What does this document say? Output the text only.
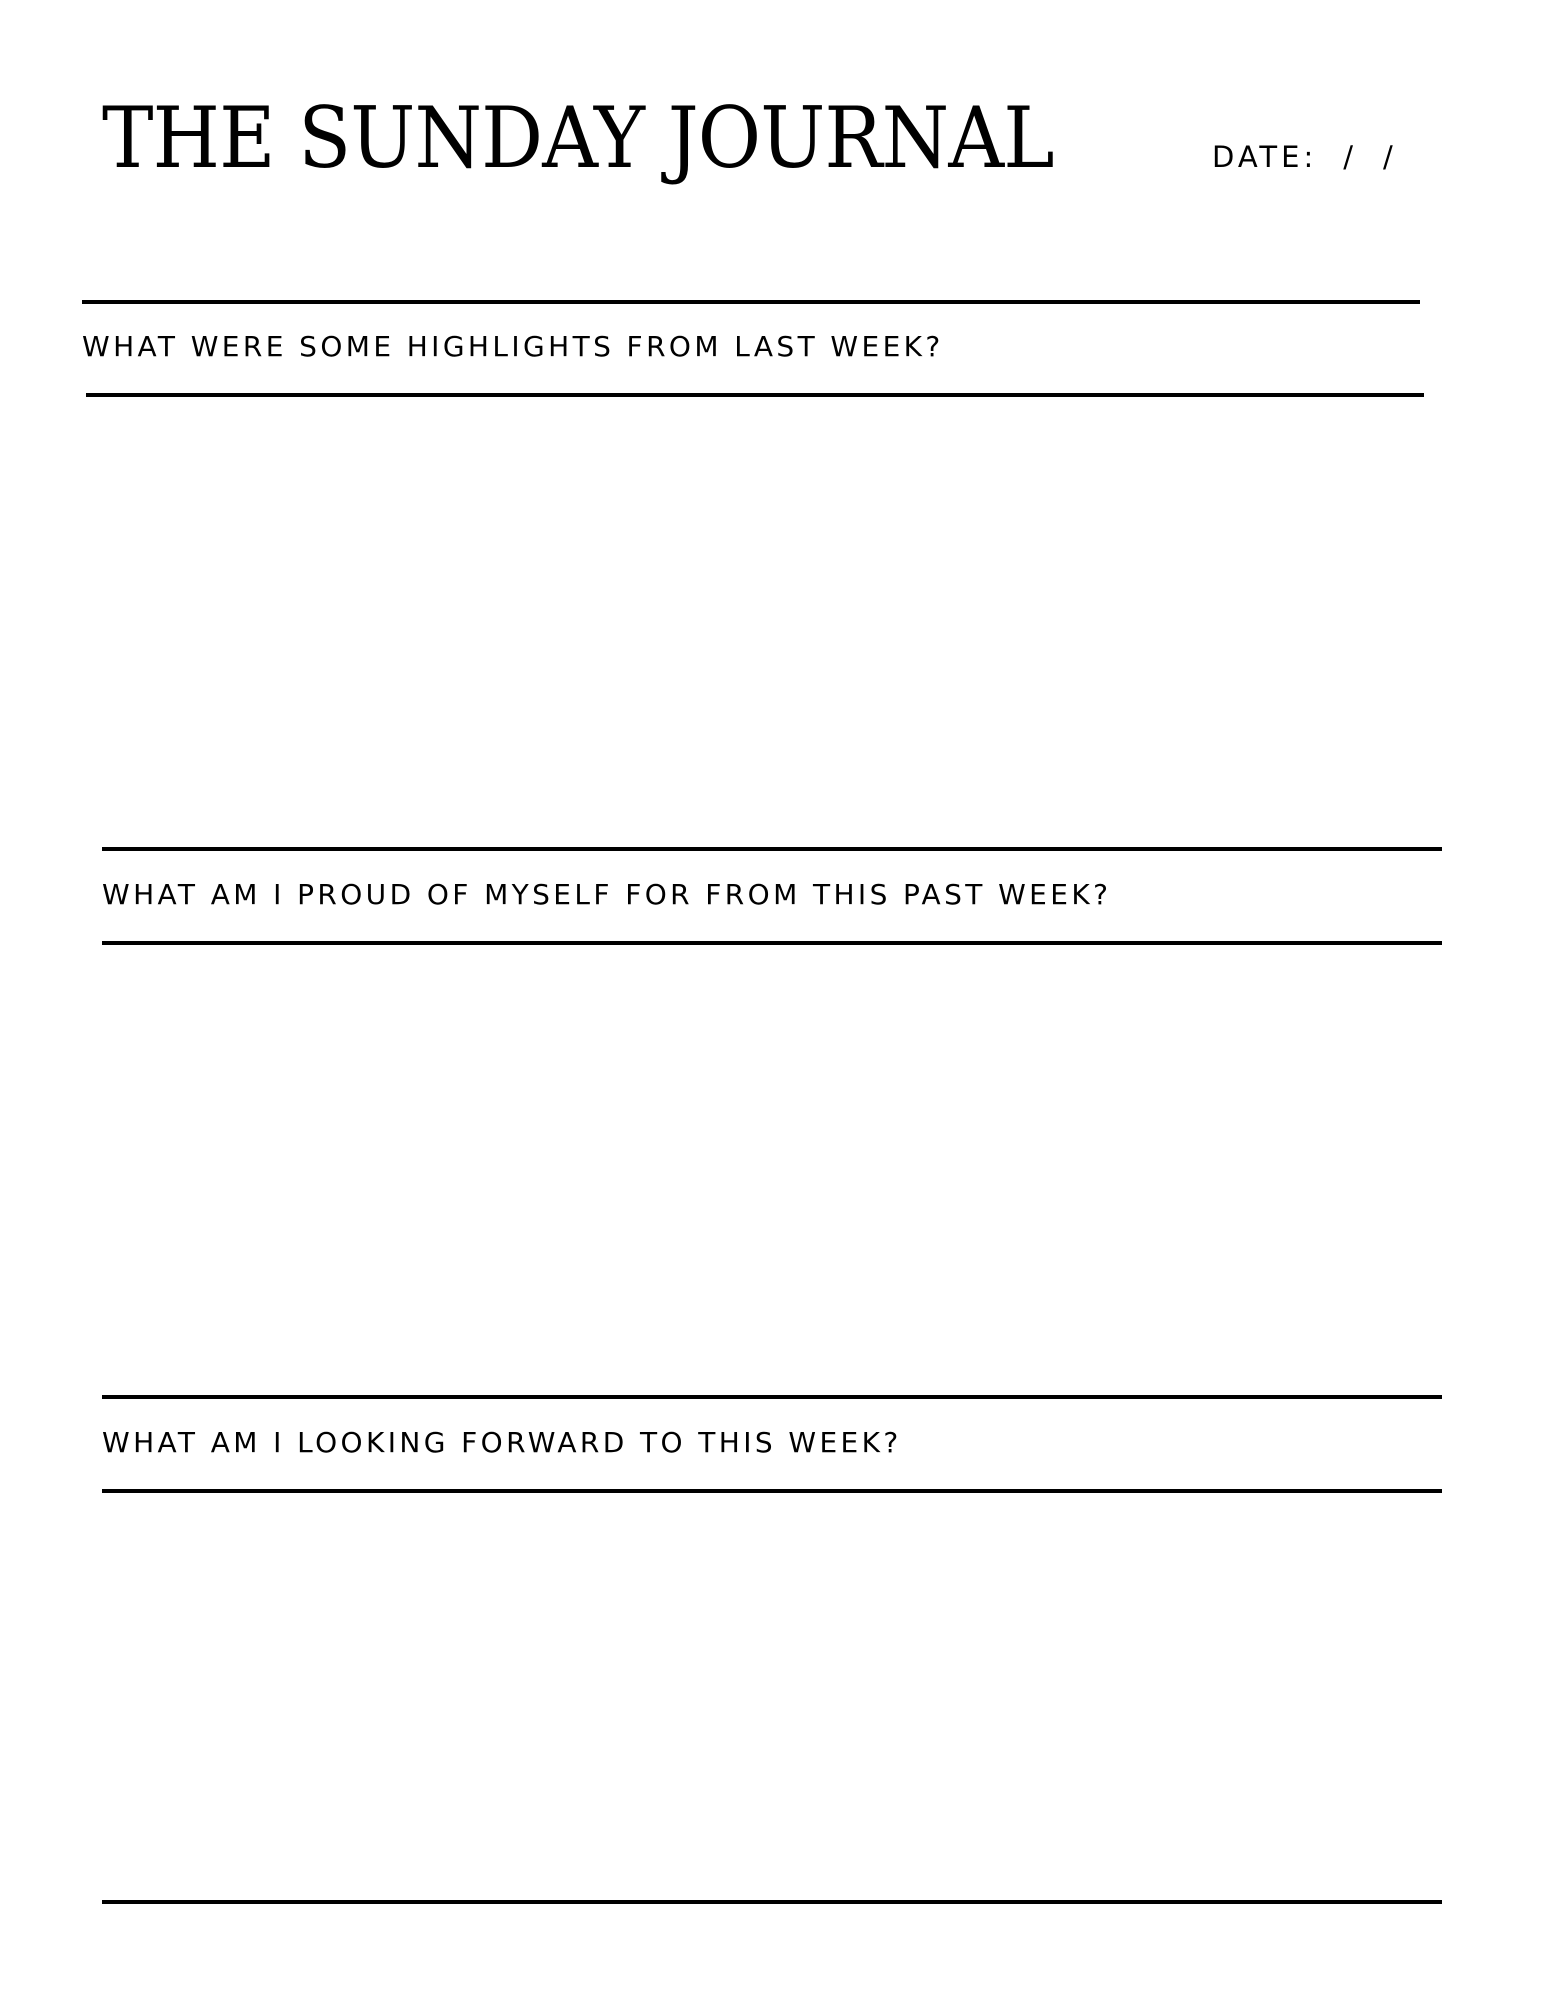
THE SUNDAY JOURNAL	DATE: / /
WHAT WERE SOME HIGHLIGHTS FROM LAST WEEK?
WHAT AM I PROUD OF MYSELF FOR FROM THIS PAST WEEK?
WHAT AM I LOOKING FORWARD TO THIS WEEK?
